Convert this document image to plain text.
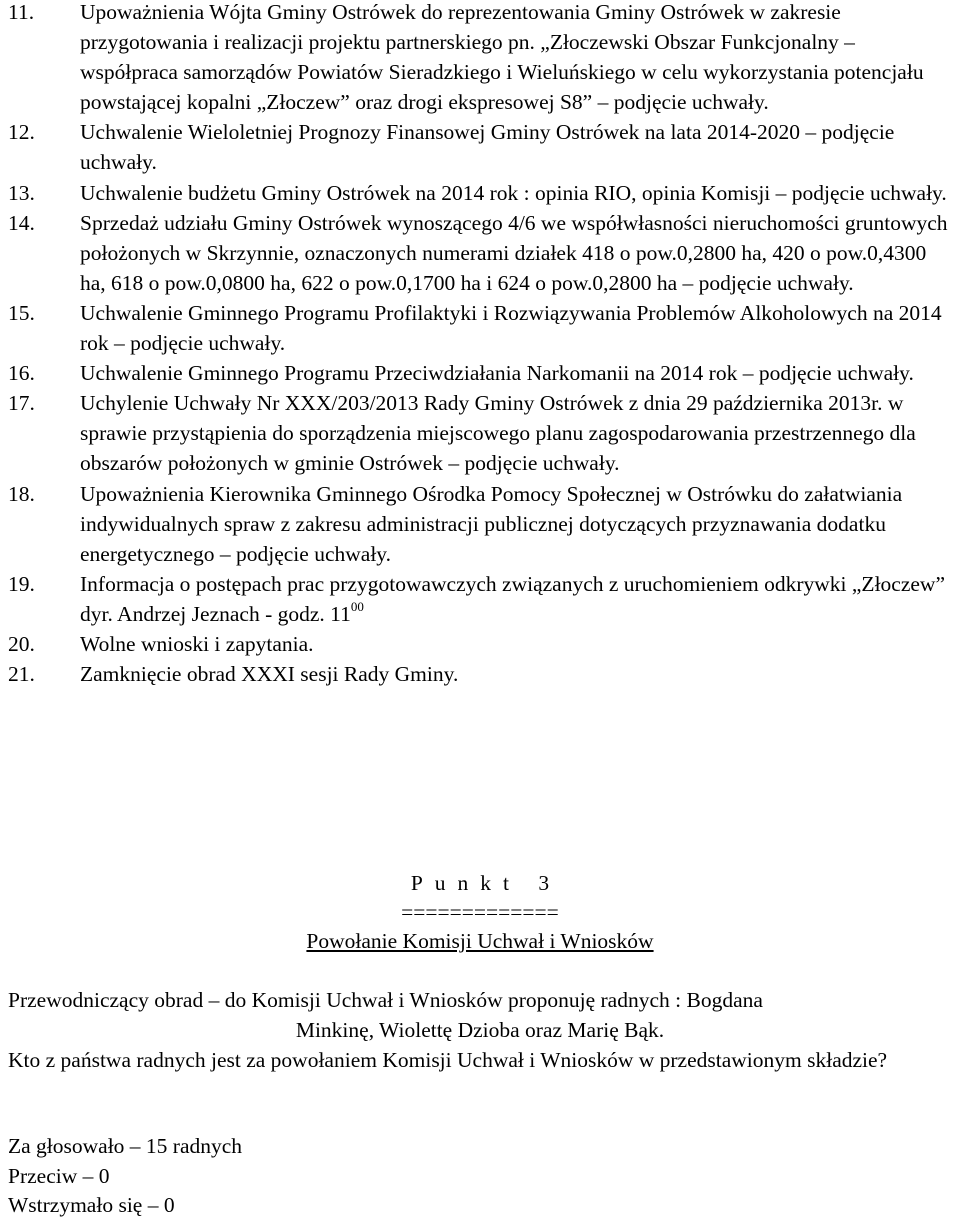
11.	Upoważnienia Wójta Gminy Ostrówek do reprezentowania Gminy Ostrówek w zakresie przygotowania i realizacji projektu partnerskiego pn. „Złoczewski Obszar Funkcjonalny – współpraca samorządów Powiatów Sieradzkiego i Wieluńskiego w celu wykorzystania potencjału powstającej kopalni „Złoczew” oraz drogi ekspresowej S8” – podjęcie uchwały.
12.	Uchwalenie Wieloletniej Prognozy Finansowej Gminy Ostrówek na lata 2014-2020 – podjęcie uchwały.
13.	Uchwalenie budżetu Gminy Ostrówek na 2014 rok : opinia RIO, opinia Komisji – podjęcie uchwały.
14.	Sprzedaż udziału Gminy Ostrówek wynoszącego 4/6 we współwłasności nieruchomości gruntowych położonych w Skrzynnie, oznaczonych numerami działek 418 o pow.0,2800 ha, 420 o pow.0,4300 ha, 618 o pow.0,0800 ha, 622 o pow.0,1700 ha i 624 o pow.0,2800 ha – podjęcie uchwały.
15.	Uchwalenie Gminnego Programu Profilaktyki i Rozwiązywania Problemów Alkoholowych na 2014 rok – podjęcie uchwały.
16.	Uchwalenie Gminnego Programu Przeciwdziałania Narkomanii na 2014 rok – podjęcie uchwały.
17.	Uchylenie Uchwały Nr XXX/203/2013 Rady Gminy Ostrówek z dnia 29 października 2013r. w sprawie przystąpienia do sporządzenia miejscowego planu zagospodarowania przestrzennego dla obszarów położonych w gminie Ostrówek – podjęcie uchwały.
18.	Upoważnienia Kierownika Gminnego Ośrodka Pomocy Społecznej w Ostrówku do załatwiania indywidualnych spraw z zakresu administracji publicznej dotyczących przyznawania dodatku energetycznego – podjęcie uchwały.
19.	Informacja o postępach prac przygotowawczych związanych z uruchomieniem odkrywki „Złoczew” dyr. Andrzej Jeznach - godz. $11^{00}$
20.	Wolne wnioski i zapytania.
21.	Zamknięcie obrad XXXI sesji Rady Gminy.
Punkt 3
=============
Powołanie Komisji Uchwał i Wniosków
Przewodniczący obrad – do Komisji Uchwał i Wniosków proponuję radnych : Bogdana
Minkinę, Wiolettę Dzioba oraz Marię Bąk.
Kto z państwa radnych jest za powołaniem Komisji Uchwał i Wniosków w przedstawionym składzie?
Za głosowało – 15 radnych
Przeciw – 0
Wstrzymało się – 0
